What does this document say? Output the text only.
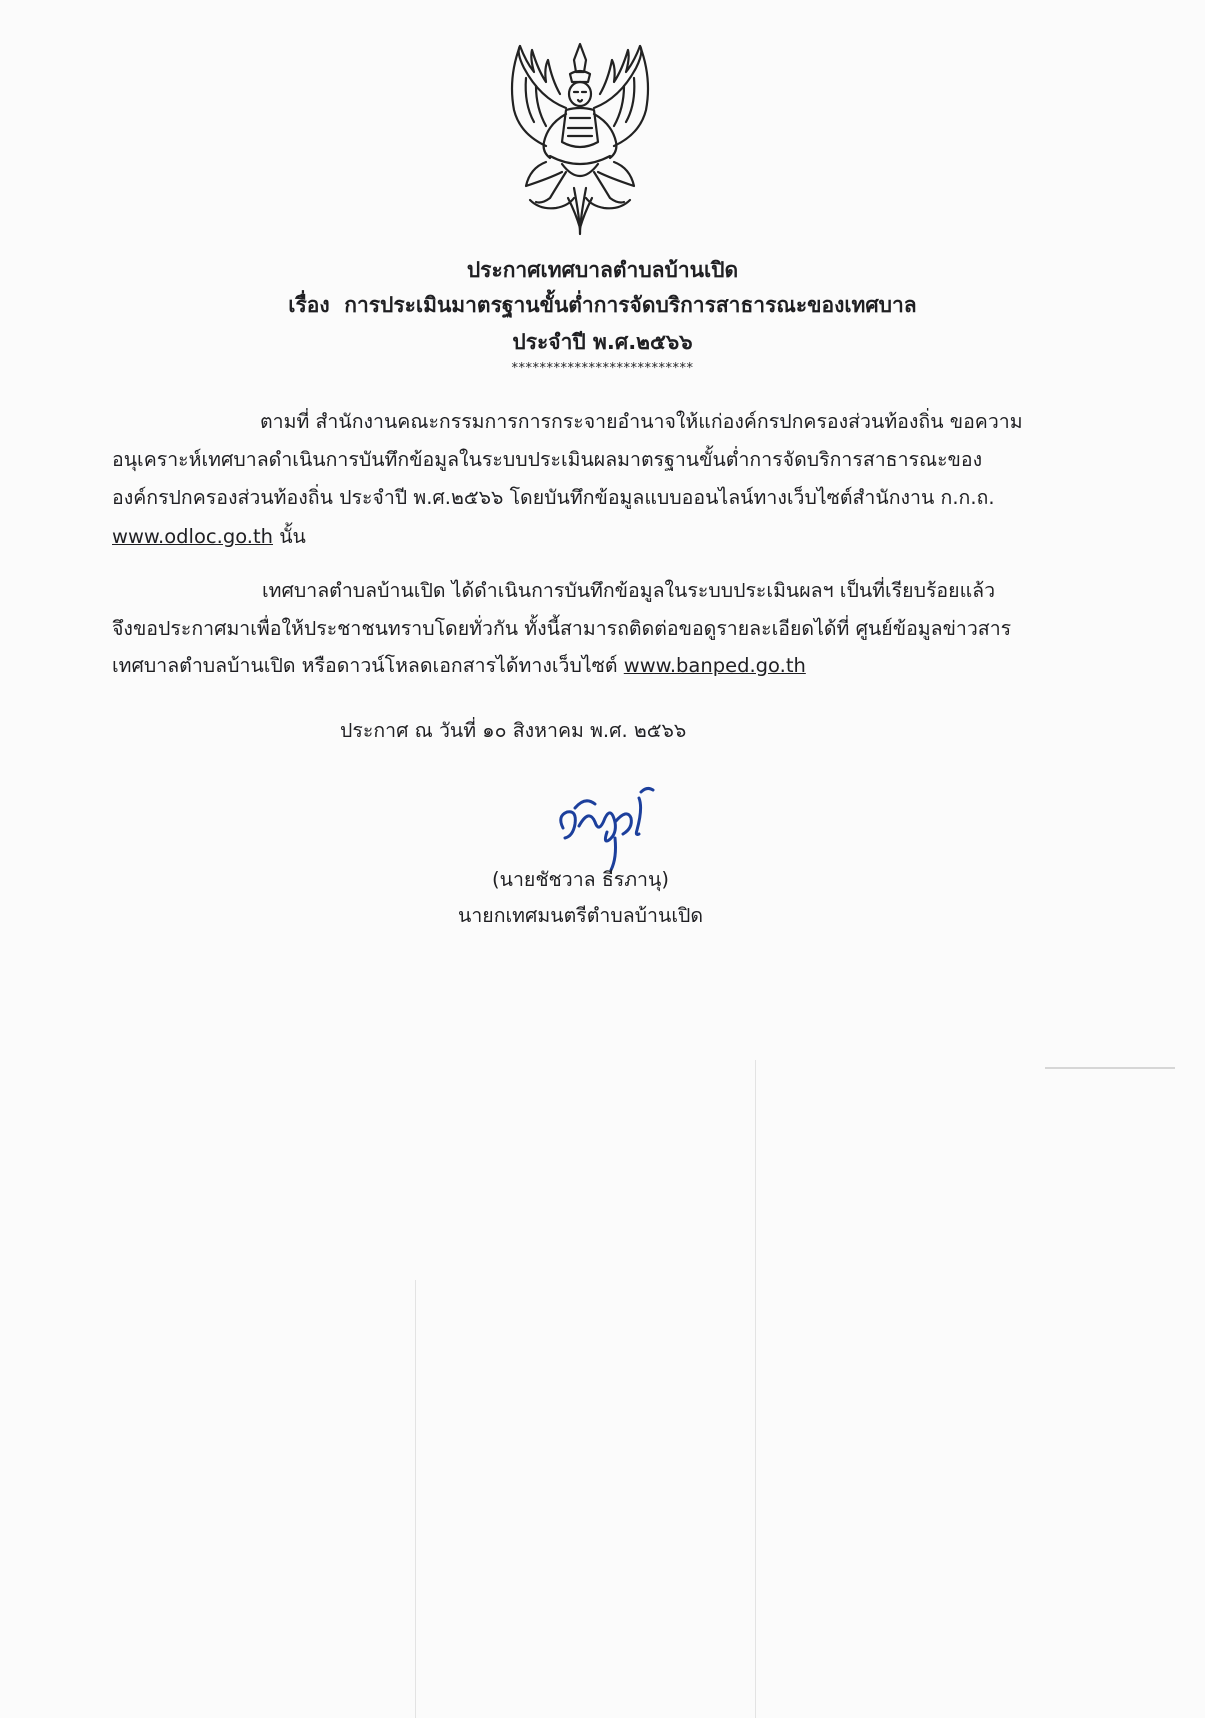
ประกาศเทศบาลตำบลบ้านเปิด
เรื่อง การประเมินมาตรฐานขั้นต่ำการจัดบริการสาธารณะของเทศบาล
ประจำปี พ.ศ.๒๕๖๖
**************************
ตามที่ สำนักงานคณะกรรมการการกระจายอำนาจให้แก่องค์กรปกครองส่วนท้องถิ่น ขอความ
อนุเคราะห์เทศบาลดำเนินการบันทึกข้อมูลในระบบประเมินผลมาตรฐานขั้นต่ำการจัดบริการสาธารณะของ
องค์กรปกครองส่วนท้องถิ่น ประจำปี พ.ศ.๒๕๖๖ โดยบันทึกข้อมูลแบบออนไลน์ทางเว็บไซต์สำนักงาน ก.ก.ถ.
www.odloc.go.th นั้น
เทศบาลตำบลบ้านเปิด ได้ดำเนินการบันทึกข้อมูลในระบบประเมินผลฯ เป็นที่เรียบร้อยแล้ว
จึงขอประกาศมาเพื่อให้ประชาชนทราบโดยทั่วกัน ทั้งนี้สามารถติดต่อขอดูรายละเอียดได้ที่ ศูนย์ข้อมูลข่าวสาร
เทศบาลตำบลบ้านเปิด หรือดาวน์โหลดเอกสารได้ทางเว็บไซต์ www.banped.go.th
ประกาศ ณ วันที่ ๑๐ สิงหาคม พ.ศ. ๒๕๖๖
(นายชัชวาล ธีรภานุ)
นายกเทศมนตรีตำบลบ้านเปิด
